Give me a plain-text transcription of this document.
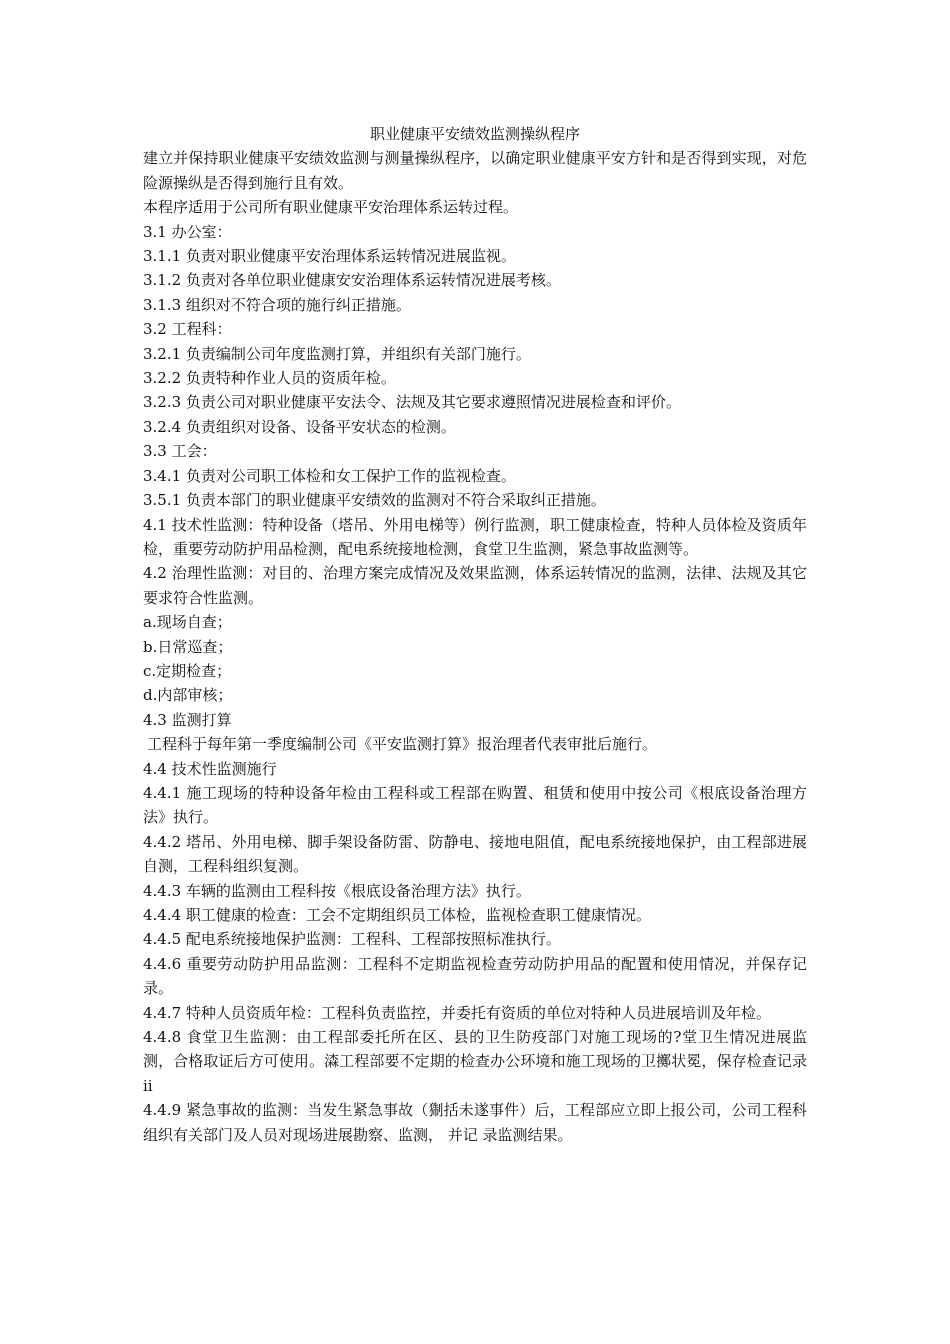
职业健康平安绩效监测操纵程序

建立并保持职业健康平安绩效监测与测量操纵程序，以确定职业健康平安方针和是否得到实现，对危险源操纵是否得到施行且有效。

本程序适用于公司所有职业健康平安治理体系运转过程。

3.1 办公室：

3.1.1 负责对职业健康平安治理体系运转情况进展监视。

3.1.2 负责对各单位职业健康安安治理体系运转情况进展考核。

3.1.3 组织对不符合项的施行纠正措施。

3.2 工程科：

3.2.1 负责编制公司年度监测打算，并组织有关部门施行。

3.2.2 负责特种作业人员的资质年检。

3.2.3 负责公司对职业健康平安法令、法规及其它要求遵照情况进展检查和评价。

3.2.4 负责组织对设备、设备平安状态的检测。

3.3 工会：

3.4.1 负责对公司职工体检和女工保护工作的监视检查。

3.5.1 负责本部门的职业健康平安绩效的监测对不符合采取纠正措施。

4.1 技术性监测：特种设备（塔吊、外用电梯等）例行监测，职工健康检查，特种人员体检及资质年检，重要劳动防护用品检测，配电系统接地检测，食堂卫生监测，紧急事故监测等。

4.2 治理性监测：对目的、治理方案完成情况及效果监测，体系运转情况的监测，法律、法规及其它要求符合性监测。

a.现场自查；

b.日常巡查；

c.定期检查；

d.内部审核；

4.3 监测打算

工程科于每年第一季度编制公司《平安监测打算》报治理者代表审批后施行。

4.4 技术性监测施行

4.4.1 施工现场的特种设备年检由工程科或工程部在购置、租赁和使用中按公司《根底设备治理方法》执行。

4.4.2 塔吊、外用电梯、脚手架设备防雷、防静电、接地电阻值，配电系统接地保护，由工程部进展自测，工程科组织复测。

4.4.3 车辆的监测由工程科按《根底设备治理方法》执行。

4.4.4 职工健康的检查：工会不定期组织员工体检，监视检查职工健康情况。

4.4.5 配电系统接地保护监测：工程科、工程部按照标准执行。

4.4.6 重要劳动防护用品监测：工程科不定期监视检查劳动防护用品的配置和使用情况，并保存记录。

4.4.7 特种人员资质年检：工程科负责监控，并委托有资质的单位对特种人员进展培训及年检。

4.4.8 食堂卫生监测：由工程部委托所在区、县的卫生防疫部门对施工现场的?堂卫生情况进展监测，合格取证后方可使用。潹工程部要不定期的检查办公环境和施工现场的卫擲状冕，保存检查记录ⅱ

4.4.9 紧急事故的监测：当发生紧急事故（猘括未遂事件）后，工程部应立即上报公司，公司工程科组织有关部门及人员对现场进展勘察、监测， 并记 录监测结果。
